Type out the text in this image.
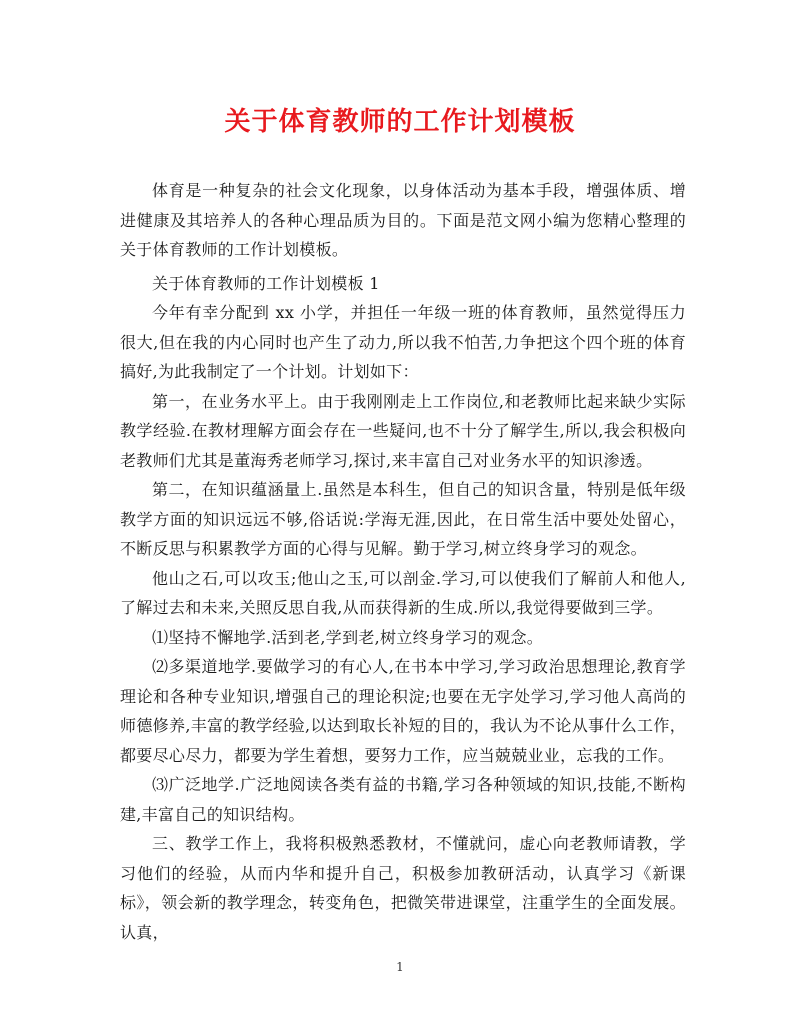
关于体育教师的工作计划模板

体育是一种复杂的社会文化现象，以身体活动为基本手段，增强体质、增进健康及其培养人的各种心理品质为目的。下面是范文网小编为您精心整理的关于体育教师的工作计划模板。

关于体育教师的工作计划模板 1

今年有幸分配到 xx 小学，并担任一年级一班的体育教师，虽然觉得压力很大,但在我的内心同时也产生了动力,所以我不怕苦,力争把这个四个班的体育搞好,为此我制定了一个计划。计划如下：

第一，在业务水平上。由于我刚刚走上工作岗位,和老教师比起来缺少实际教学经验.在教材理解方面会存在一些疑问,也不十分了解学生,所以,我会积极向老教师们尤其是董海秀老师学习,探讨,来丰富自己对业务水平的知识渗透。

第二，在知识蕴涵量上.虽然是本科生，但自己的知识含量，特别是低年级教学方面的知识远远不够,俗话说:学海无涯,因此，在日常生活中要处处留心，不断反思与积累教学方面的心得与见解。勤于学习,树立终身学习的观念。

他山之石,可以攻玉;他山之玉,可以剖金.学习,可以使我们了解前人和他人,了解过去和未来,关照反思自我,从而获得新的生成.所以,我觉得要做到三学。

⑴坚持不懈地学.活到老,学到老,树立终身学习的观念。

⑵多渠道地学.要做学习的有心人,在书本中学习,学习政治思想理论,教育学理论和各种专业知识,增强自己的理论积淀;也要在无字处学习,学习他人高尚的师德修养,丰富的教学经验,以达到取长补短的目的，我认为不论从事什么工作，都要尽心尽力，都要为学生着想，要努力工作，应当兢兢业业，忘我的工作。

⑶广泛地学.广泛地阅读各类有益的书籍,学习各种领域的知识,技能,不断构建,丰富自己的知识结构。

三、教学工作上，我将积极熟悉教材，不懂就问，虚心向老教师请教，学习他们的经验，从而内华和提升自己，积极参加教研活动，认真学习《新课标》，领会新的教学理念，转变角色，把微笑带进课堂，注重学生的全面发展。认真，

1
